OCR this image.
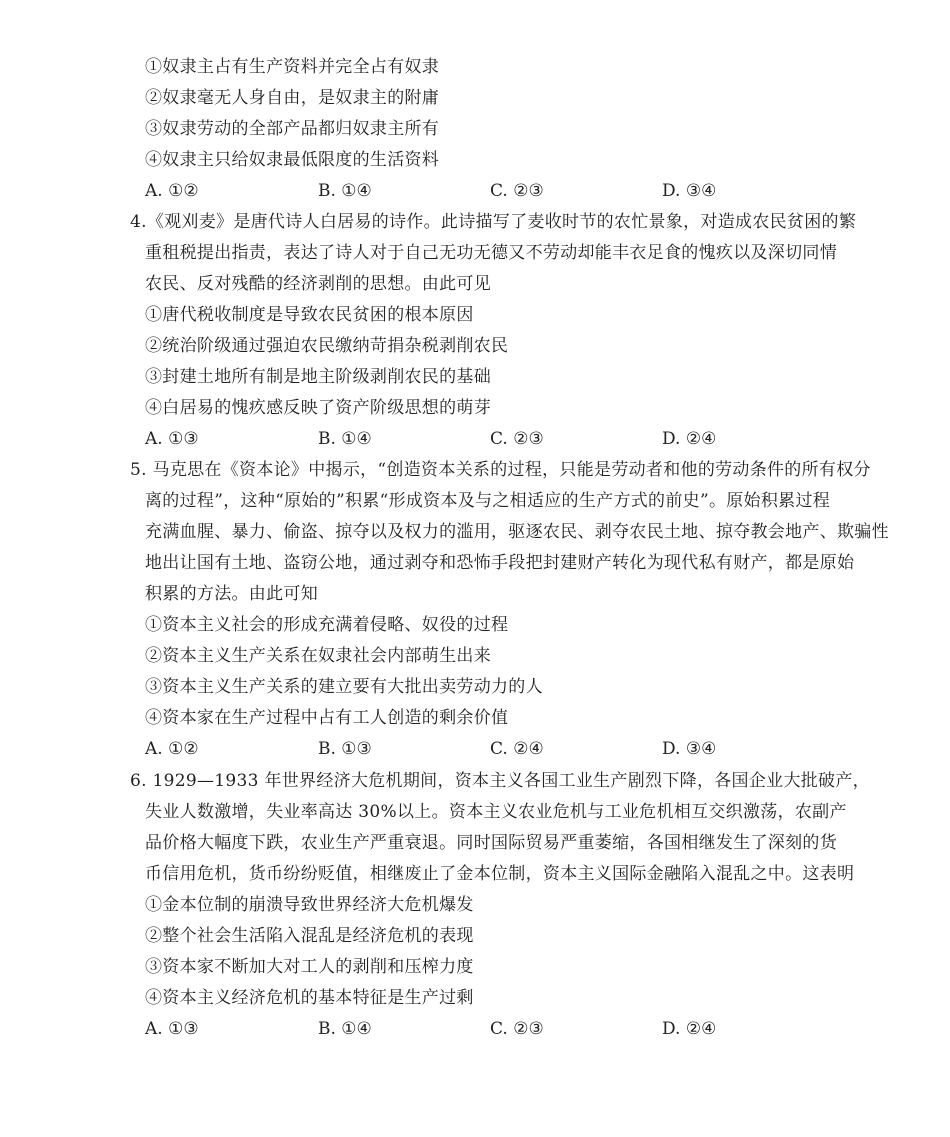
①奴隶主占有生产资料并完全占有奴隶
②奴隶毫无人身自由，是奴隶主的附庸
③奴隶劳动的全部产品都归奴隶主所有
④奴隶主只给奴隶最低限度的生活资料
A. ①②	B. ①④	C. ②③	D. ③④
4.《观刈麦》是唐代诗人白居易的诗作。此诗描写了麦收时节的农忙景象，对造成农民贫困的繁
重租税提出指责，表达了诗人对于自己无功无德又不劳动却能丰衣足食的愧疚以及深切同情
农民、反对残酷的经济剥削的思想。由此可见
①唐代税收制度是导致农民贫困的根本原因
②统治阶级通过强迫农民缴纳苛捐杂税剥削农民
③封建土地所有制是地主阶级剥削农民的基础
④白居易的愧疚感反映了资产阶级思想的萌芽
A. ①③	B. ①④	C. ②③	D. ②④
5. 马克思在《资本论》中揭示，“创造资本关系的过程，只能是劳动者和他的劳动条件的所有权分
离的过程”，这种“原始的”积累“形成资本及与之相适应的生产方式的前史”。原始积累过程
充满血腥、暴力、偷盗、掠夺以及权力的滥用，驱逐农民、剥夺农民土地、掠夺教会地产、欺骗性
地出让国有土地、盗窃公地，通过剥夺和恐怖手段把封建财产转化为现代私有财产，都是原始
积累的方法。由此可知
①资本主义社会的形成充满着侵略、奴役的过程
②资本主义生产关系在奴隶社会内部萌生出来
③资本主义生产关系的建立要有大批出卖劳动力的人
④资本家在生产过程中占有工人创造的剩余价值
A. ①②	B. ①③	C. ②④	D. ③④
6. 1929—1933 年世界经济大危机期间，资本主义各国工业生产剧烈下降，各国企业大批破产，
失业人数激增，失业率高达 30%以上。资本主义农业危机与工业危机相互交织激荡，农副产
品价格大幅度下跌，农业生产严重衰退。同时国际贸易严重萎缩，各国相继发生了深刻的货
币信用危机，货币纷纷贬值，相继废止了金本位制，资本主义国际金融陷入混乱之中。这表明
①金本位制的崩溃导致世界经济大危机爆发
②整个社会生活陷入混乱是经济危机的表现
③资本家不断加大对工人的剥削和压榨力度
④资本主义经济危机的基本特征是生产过剩
A. ①③	B. ①④	C. ②③	D. ②④
